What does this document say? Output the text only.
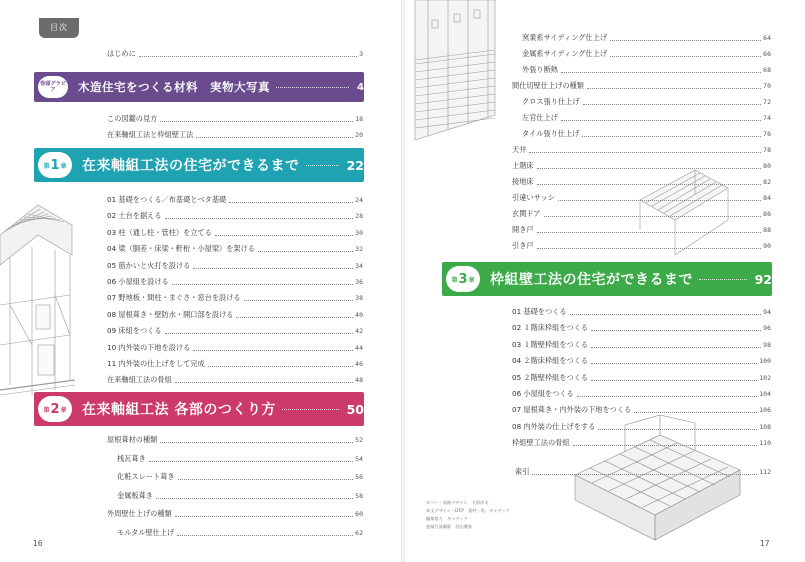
目次
はじめに	3
巻頭グラビア	木造住宅をつくる材料　実物大写真	4
この図鑑の見方	18
在来軸組工法と枠組壁工法	20
第 1 章 在来軸組工法の住宅ができるまで	22
01 基礎をつくる／布基礎とベタ基礎	24
02 土台を据える	28
03 柱（通し柱・管柱）を立てる	30
04 梁（胴差・床梁・軒桁・小屋梁）を架ける	32
05 筋かいと火打を設ける	34
06 小屋組を設ける	36
07 野地板・間柱・まぐさ・窓台を設ける	38
08 屋根葺き・壁防水・開口部を設ける	40
09 床組をつくる	42
10 内外装の下地を設ける	44
11 内外装の仕上げをして完成	46
在来軸組工法の骨組	48
第 2 章 在来軸組工法 各部のつくり方	50
屋根葺材の種類	52
桟瓦葺き	54
化粧スレート葺き	56
金属板葺き	58
外周壁仕上げの種類	60
モルタル壁仕上げ	62
窯業系サイディング仕上げ	64
金属系サイディング仕上げ	66
外張り断熱	68
間仕切壁仕上げの種類	70
クロス張り仕上げ	72
左官仕上げ	74
タイル張り仕上げ	76
天井	78
上階床	80
接地床	82
引違いサッシ	84
玄関ドア	86
開き戸	88
引き戸	90
第 3 章 枠組壁工法の住宅ができるまで	92
01 基礎をつくる	94
02 １階床枠組をつくる	96
03 １階壁枠組をつくる	98
04 ２階床枠組をつくる	100
05 ２階壁枠組をつくる	102
06 小屋組をつくる	104
07 屋根葺き・内外装の下地をつくる	106
08 内外装の仕上げをする	108
枠組壁工法の骨組	110
索引	112
カバー・表紙デザイン　大杉彦夫
本文デザイン・DTP　島村一男、キャデック
編集協力　キャデック
巻頭写真撮影　西山雅弥
16	17
